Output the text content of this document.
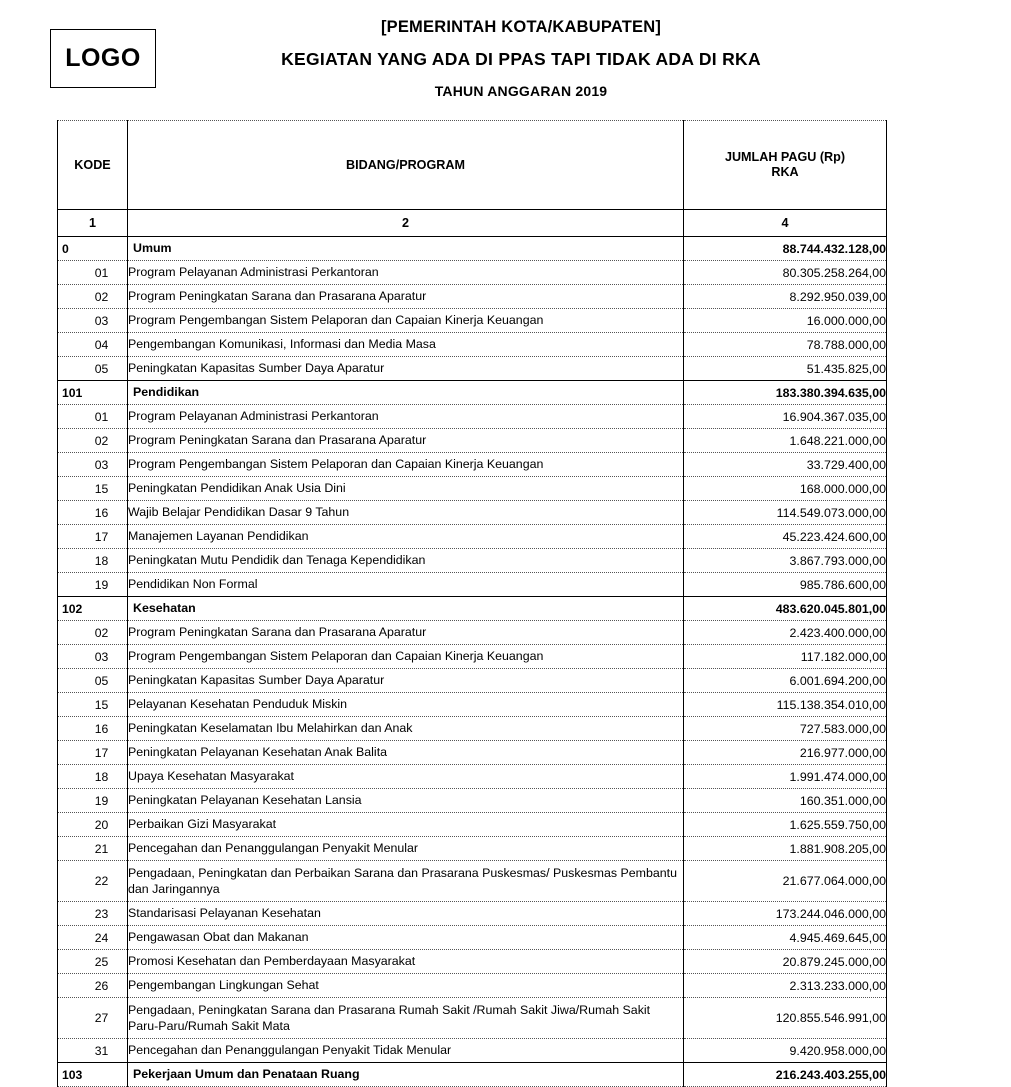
LOGO
[PEMERINTAH KOTA/KABUPATEN]
KEGIATAN YANG ADA DI PPAS TAPI TIDAK ADA DI RKA
TAHUN ANGGARAN 2019
KODE	BIDANG/PROGRAM	JUMLAH PAGU (Rp)
RKA

1	2	4
0	Umum	88.744.432.128,00
01	Program Pelayanan Administrasi Perkantoran	80.305.258.264,00
02	Program Peningkatan Sarana dan Prasarana Aparatur	8.292.950.039,00
03	Program Pengembangan Sistem Pelaporan dan Capaian Kinerja Keuangan	16.000.000,00
04	Pengembangan Komunikasi, Informasi dan Media Masa	78.788.000,00
05	Peningkatan Kapasitas Sumber Daya Aparatur	51.435.825,00
101	Pendidikan	183.380.394.635,00
01	Program Pelayanan Administrasi Perkantoran	16.904.367.035,00
02	Program Peningkatan Sarana dan Prasarana Aparatur	1.648.221.000,00
03	Program Pengembangan Sistem Pelaporan dan Capaian Kinerja Keuangan	33.729.400,00
15	Peningkatan Pendidikan Anak Usia Dini	168.000.000,00
16	Wajib Belajar Pendidikan Dasar 9 Tahun	114.549.073.000,00
17	Manajemen Layanan Pendidikan	45.223.424.600,00
18	Peningkatan Mutu Pendidik dan Tenaga Kependidikan	3.867.793.000,00
19	Pendidikan Non Formal	985.786.600,00
102	Kesehatan	483.620.045.801,00
02	Program Peningkatan Sarana dan Prasarana Aparatur	2.423.400.000,00
03	Program Pengembangan Sistem Pelaporan dan Capaian Kinerja Keuangan	117.182.000,00
05	Peningkatan Kapasitas Sumber Daya Aparatur	6.001.694.200,00
15	Pelayanan Kesehatan Penduduk Miskin	115.138.354.010,00
16	Peningkatan Keselamatan Ibu Melahirkan dan Anak	727.583.000,00
17	Peningkatan Pelayanan Kesehatan Anak Balita	216.977.000,00
18	Upaya Kesehatan Masyarakat	1.991.474.000,00
19	Peningkatan Pelayanan Kesehatan Lansia	160.351.000,00
20	Perbaikan Gizi Masyarakat	1.625.559.750,00
21	Pencegahan dan Penanggulangan Penyakit Menular	1.881.908.205,00
22	Pengadaan, Peningkatan dan Perbaikan Sarana dan Prasarana Puskesmas/ Puskesmas Pembantu dan Jaringannya	21.677.064.000,00
23	Standarisasi Pelayanan Kesehatan	173.244.046.000,00
24	Pengawasan Obat dan Makanan	4.945.469.645,00
25	Promosi Kesehatan dan Pemberdayaan Masyarakat	20.879.245.000,00
26	Pengembangan Lingkungan Sehat	2.313.233.000,00
27	Pengadaan, Peningkatan Sarana dan Prasarana Rumah Sakit /Rumah Sakit Jiwa/Rumah Sakit Paru-Paru/Rumah Sakit Mata	120.855.546.991,00
31	Pencegahan dan Penanggulangan Penyakit Tidak Menular	9.420.958.000,00
103	Pekerjaan Umum dan Penataan Ruang	216.243.403.255,00
